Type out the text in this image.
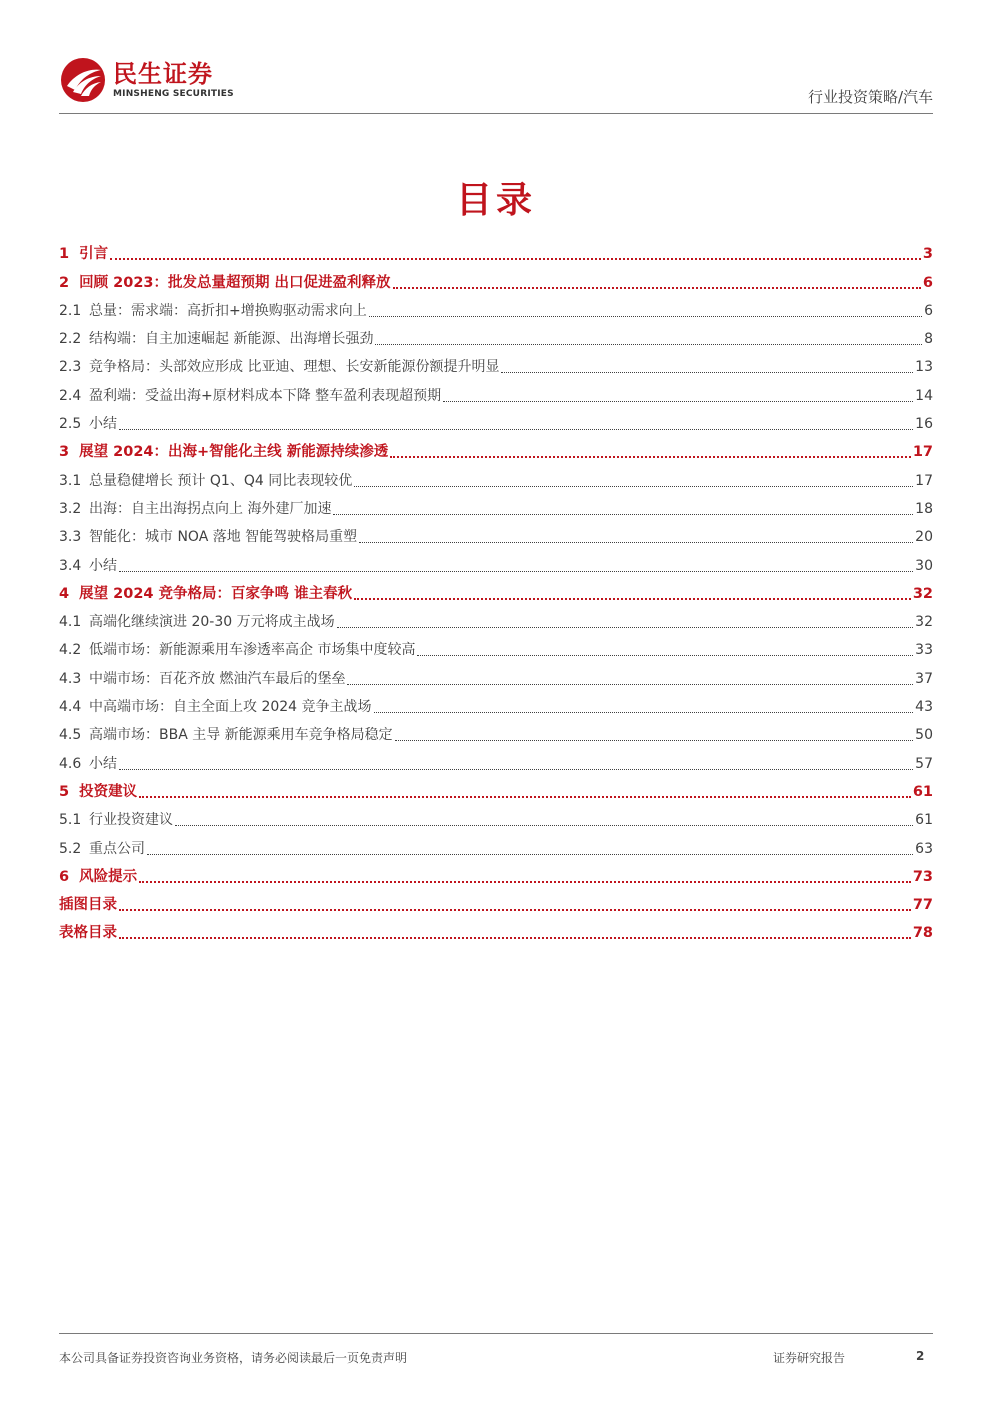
民生证券
MINSHENG SECURITIES	行业投资策略/汽车
目录
1 引言	3
2 回顾 2023：批发总量超预期 出口促进盈利释放	6
2.1 总量：需求端：高折扣+增换购驱动需求向上	6
2.2 结构端：自主加速崛起 新能源、出海增长强劲	8
2.3 竞争格局：头部效应形成 比亚迪、理想、长安新能源份额提升明显	13
2.4 盈利端：受益出海+原材料成本下降 整车盈利表现超预期	14
2.5 小结	16
3 展望 2024：出海+智能化主线 新能源持续渗透	17
3.1 总量稳健增长 预计 Q1、Q4 同比表现较优	17
3.2 出海：自主出海拐点向上 海外建厂加速	18
3.3 智能化：城市 NOA 落地 智能驾驶格局重塑	20
3.4 小结	30
4 展望 2024 竞争格局：百家争鸣 谁主春秋	32
4.1 高端化继续演进 20-30 万元将成主战场	32
4.2 低端市场：新能源乘用车渗透率高企 市场集中度较高	33
4.3 中端市场：百花齐放 燃油汽车最后的堡垒	37
4.4 中高端市场：自主全面上攻 2024 竞争主战场	43
4.5 高端市场：BBA 主导 新能源乘用车竞争格局稳定	50
4.6 小结	57
5 投资建议	61
5.1 行业投资建议	61
5.2 重点公司	63
6 风险提示	73
插图目录	77
表格目录	78
本公司具备证券投资咨询业务资格，请务必阅读最后一页免责声明	证券研究报告	2
